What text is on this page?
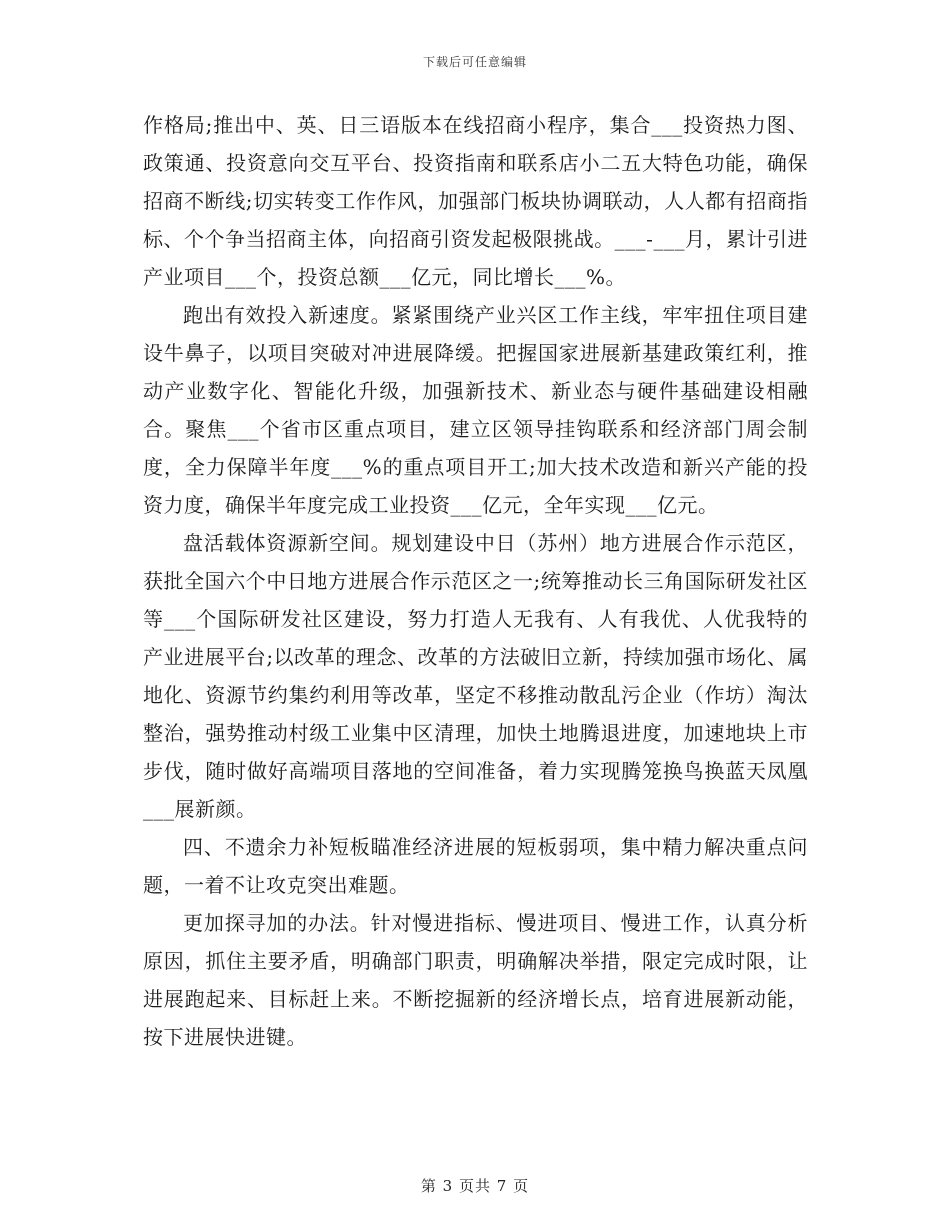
下载后可任意编辑

作格局;推出中、英、日三语版本在线招商小程序，集合___投资热力图、政策通、投资意向交互平台、投资指南和联系店小二五大特色功能，确保招商不断线;切实转变工作作风，加强部门板块协调联动，人人都有招商指标、个个争当招商主体，向招商引资发起极限挑战。___-___月，累计引进产业项目___个，投资总额___亿元，同比增长___%。

跑出有效投入新速度。紧紧围绕产业兴区工作主线，牢牢扭住项目建设牛鼻子，以项目突破对冲进展降缓。把握国家进展新基建政策红利，推动产业数字化、智能化升级，加强新技术、新业态与硬件基础建设相融合。聚焦___个省市区重点项目，建立区领导挂钩联系和经济部门周会制度，全力保障半年度___%的重点项目开工;加大技术改造和新兴产能的投资力度，确保半年度完成工业投资___亿元，全年实现___亿元。

盘活载体资源新空间。规划建设中日（苏州）地方进展合作示范区，获批全国六个中日地方进展合作示范区之一;统筹推动长三角国际研发社区等___个国际研发社区建设，努力打造人无我有、人有我优、人优我特的产业进展平台;以改革的理念、改革的方法破旧立新，持续加强市场化、属地化、资源节约集约利用等改革，坚定不移推动散乱污企业（作坊）淘汰整治，强势推动村级工业集中区清理，加快土地腾退进度，加速地块上市步伐，随时做好高端项目落地的空间准备，着力实现腾笼换鸟换蓝天凤凰___展新颜。

四、不遗余力补短板瞄准经济进展的短板弱项，集中精力解决重点问题，一着不让攻克突出难题。

更加探寻加的办法。针对慢进指标、慢进项目、慢进工作，认真分析原因，抓住主要矛盾，明确部门职责，明确解决举措，限定完成时限，让进展跑起来、目标赶上来。不断挖掘新的经济增长点，培育进展新动能，按下进展快进键。

第 3 页共 7 页
